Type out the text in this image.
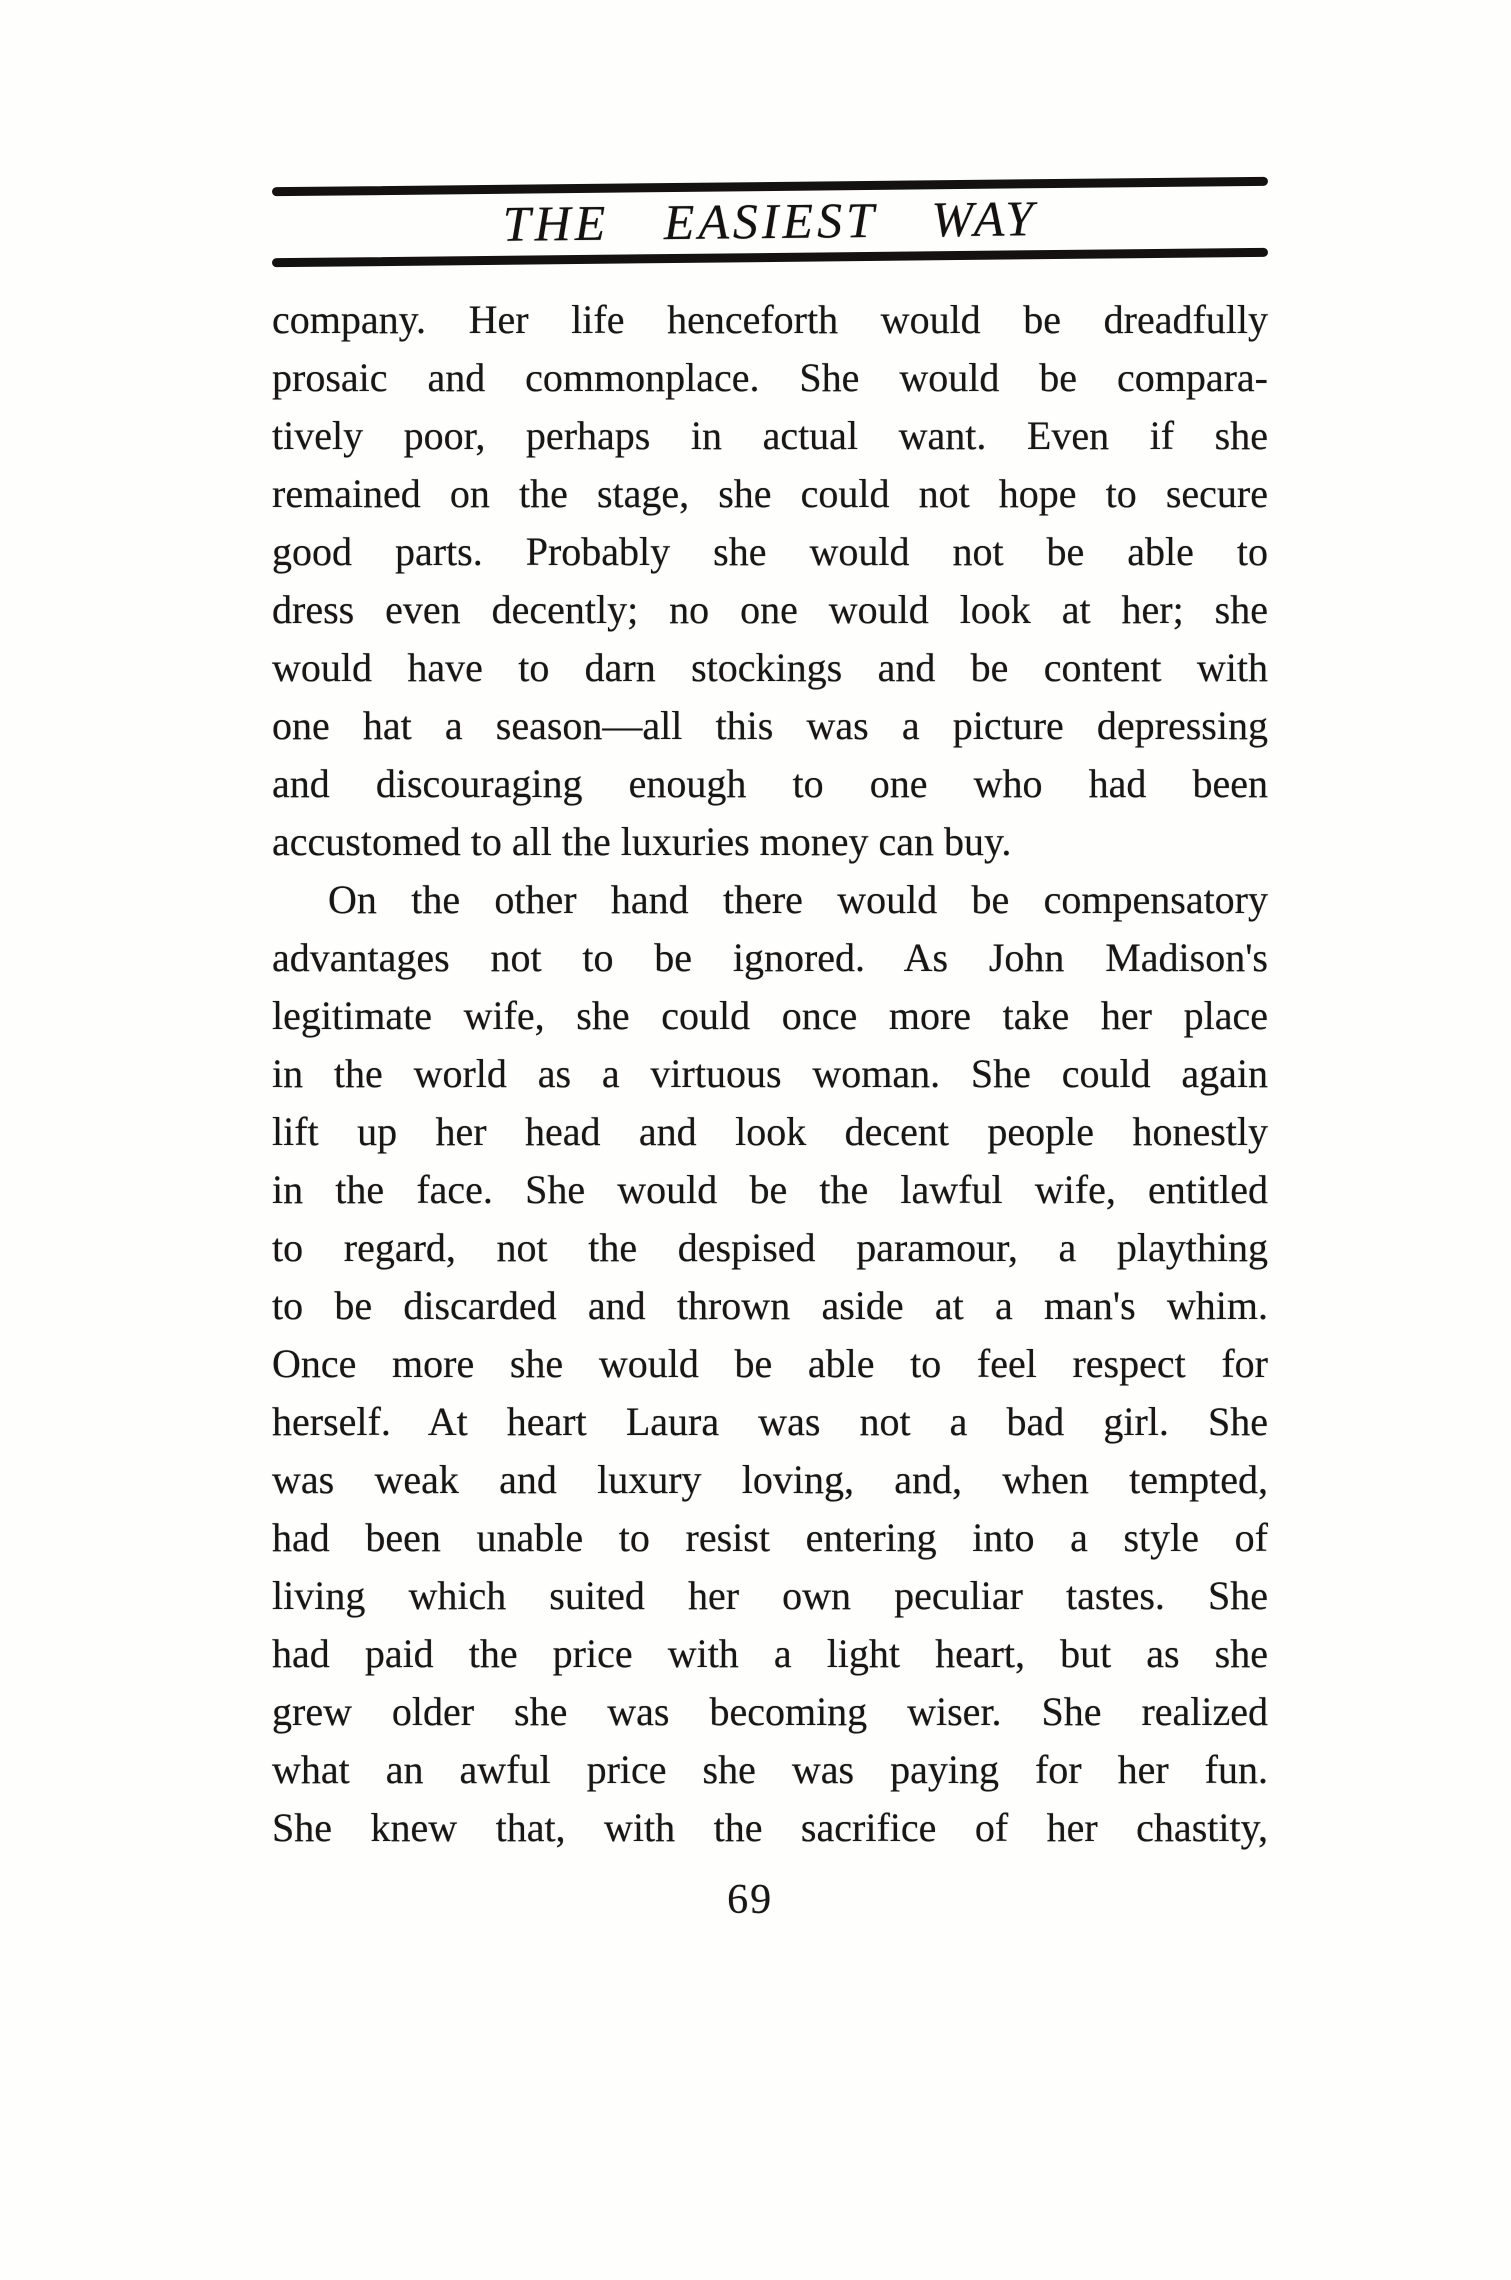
THE EASIEST WAY
company. Her life henceforth would be dreadfully
prosaic and commonplace. She would be compara-
tively poor, perhaps in actual want. Even if she
remained on the stage, she could not hope to secure
good parts. Probably she would not be able to
dress even decently; no one would look at her; she
would have to darn stockings and be content with
one hat a season—all this was a picture depressing
and discouraging enough to one who had been
accustomed to all the luxuries money can buy.
On the other hand there would be compensatory
advantages not to be ignored. As John Madison's
legitimate wife, she could once more take her place
in the world as a virtuous woman. She could again
lift up her head and look decent people honestly
in the face. She would be the lawful wife, entitled
to regard, not the despised paramour, a plaything
to be discarded and thrown aside at a man's whim.
Once more she would be able to feel respect for
herself. At heart Laura was not a bad girl. She
was weak and luxury loving, and, when tempted,
had been unable to resist entering into a style of
living which suited her own peculiar tastes. She
had paid the price with a light heart, but as she
grew older she was becoming wiser. She realized
what an awful price she was paying for her fun.
She knew that, with the sacrifice of her chastity,
69
